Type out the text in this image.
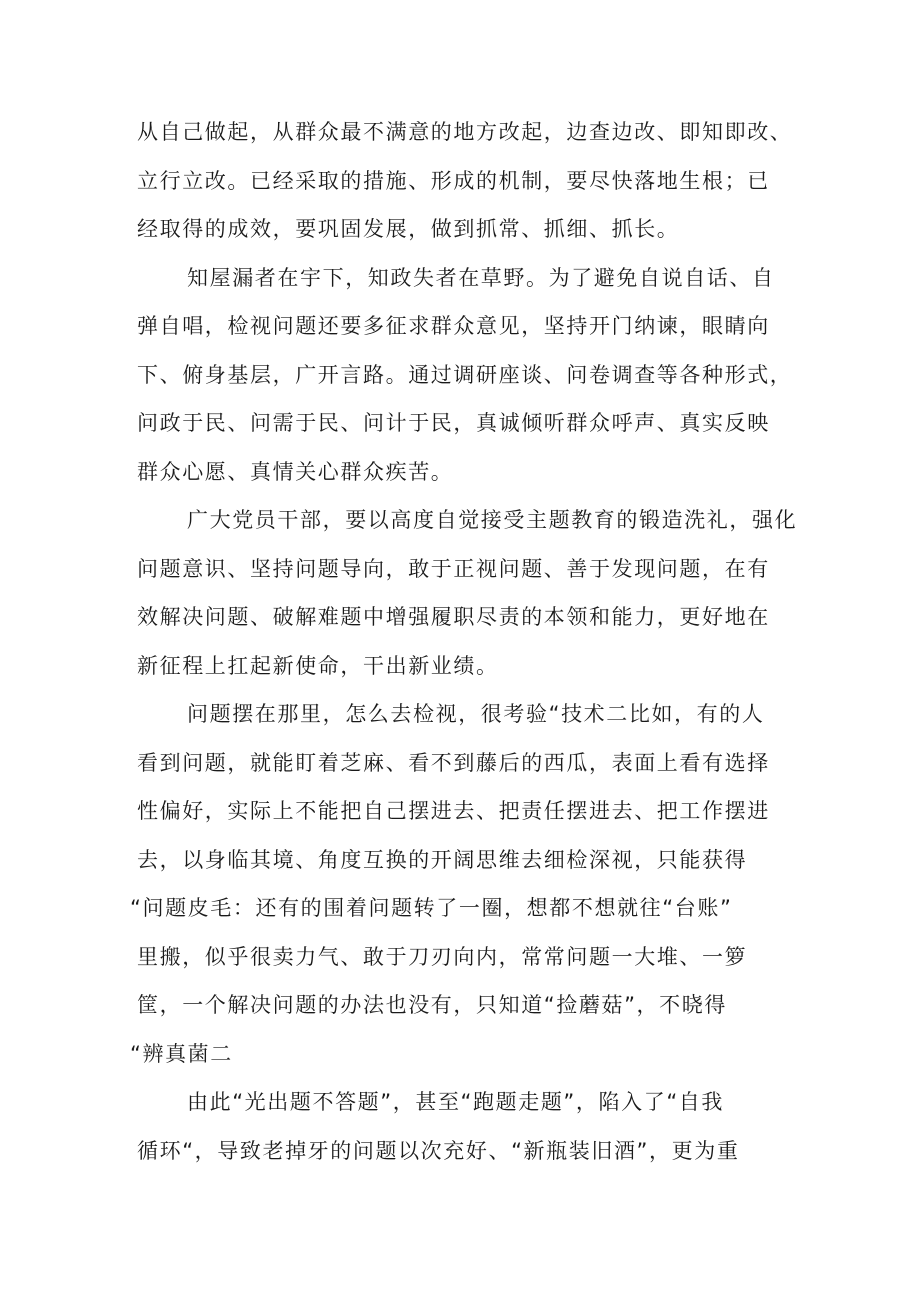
从自己做起，从群众最不满意的地方改起，边查边改、即知即改、
立行立改。已经采取的措施、形成的机制，要尽快落地生根；已
经取得的成效，要巩固发展，做到抓常、抓细、抓长。
知屋漏者在宇下，知政失者在草野。为了避免自说自话、自
弹自唱，检视问题还要多征求群众意见，坚持开门纳谏，眼睛向
下、俯身基层，广开言路。通过调研座谈、问卷调查等各种形式，
问政于民、问需于民、问计于民，真诚倾听群众呼声、真实反映
群众心愿、真情关心群众疾苦。
广大党员干部，要以高度自觉接受主题教育的锻造洗礼，强化
问题意识、坚持问题导向，敢于正视问题、善于发现问题，在有
效解决问题、破解难题中增强履职尽责的本领和能力，更好地在
新征程上扛起新使命，干出新业绩。
问题摆在那里，怎么去检视，很考验“技术二比如，有的人
看到问题，就能盯着芝麻、看不到藤后的西瓜，表面上看有选择
性偏好，实际上不能把自己摆进去、把责任摆进去、把工作摆进
去，以身临其境、角度互换的开阔思维去细检深视，只能获得
“问题皮毛：还有的围着问题转了一圈，想都不想就往“台账”
里搬，似乎很卖力气、敢于刀刃向内，常常问题一大堆、一箩
筐，一个解决问题的办法也没有，只知道“捡蘑菇”，不晓得
“辨真菌二
由此“光出题不答题”，甚至“跑题走题”，陷入了“自我
循环“，导致老掉牙的问题以次充好、“新瓶装旧酒”，更为重
